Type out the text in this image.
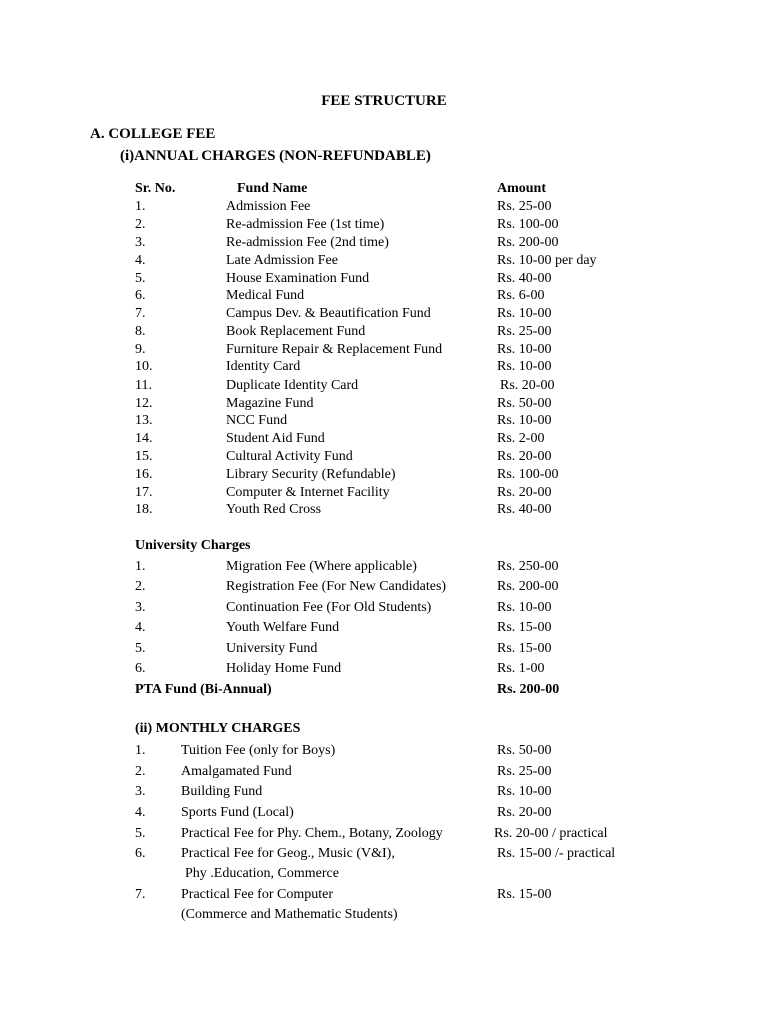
FEE STRUCTURE
A. COLLEGE FEE
(i)ANNUAL CHARGES (NON-REFUNDABLE)
Sr. No.	Fund Name	Amount
1.	Admission Fee	Rs. 25-00
2.	Re-admission Fee (1st time)	Rs. 100-00
3.	Re-admission Fee (2nd time)	Rs. 200-00
4.	Late Admission Fee	Rs. 10-00 per day
5.	House Examination Fund	Rs. 40-00
6.	Medical Fund	Rs. 6-00
7.	Campus Dev. & Beautification Fund	Rs. 10-00
8.	Book Replacement Fund	Rs. 25-00
9.	Furniture Repair & Replacement Fund	Rs. 10-00
10.	Identity Card	Rs. 10-00
11.	Duplicate Identity Card	Rs. 20-00
12.	Magazine Fund	Rs. 50-00
13.	NCC Fund	Rs. 10-00
14.	Student Aid Fund	Rs. 2-00
15.	Cultural Activity Fund	Rs. 20-00
16.	Library Security (Refundable)	Rs. 100-00
17.	Computer & Internet Facility	Rs. 20-00
18.	Youth Red Cross	Rs. 40-00
University Charges
1.	Migration Fee (Where applicable)	Rs. 250-00
2.	Registration Fee (For New Candidates)	Rs. 200-00
3.	Continuation Fee (For Old Students)	Rs. 10-00
4.	Youth Welfare Fund	Rs. 15-00
5.	University Fund	Rs. 15-00
6.	Holiday Home Fund	Rs. 1-00
PTA Fund (Bi-Annual)	Rs. 200-00
(ii) MONTHLY CHARGES
1.	Tuition Fee (only for Boys)	Rs. 50-00
2.	Amalgamated Fund	Rs. 25-00
3.	Building Fund	Rs. 10-00
4.	Sports Fund (Local)	Rs. 20-00
5.	Practical Fee for Phy. Chem., Botany, Zoology	Rs. 20-00 / practical
6.	Practical Fee for Geog., Music (V&I),	Rs. 15-00 /- practical
Phy .Education, Commerce
7.	Practical Fee for Computer	Rs. 15-00
(Commerce and Mathematic Students)
